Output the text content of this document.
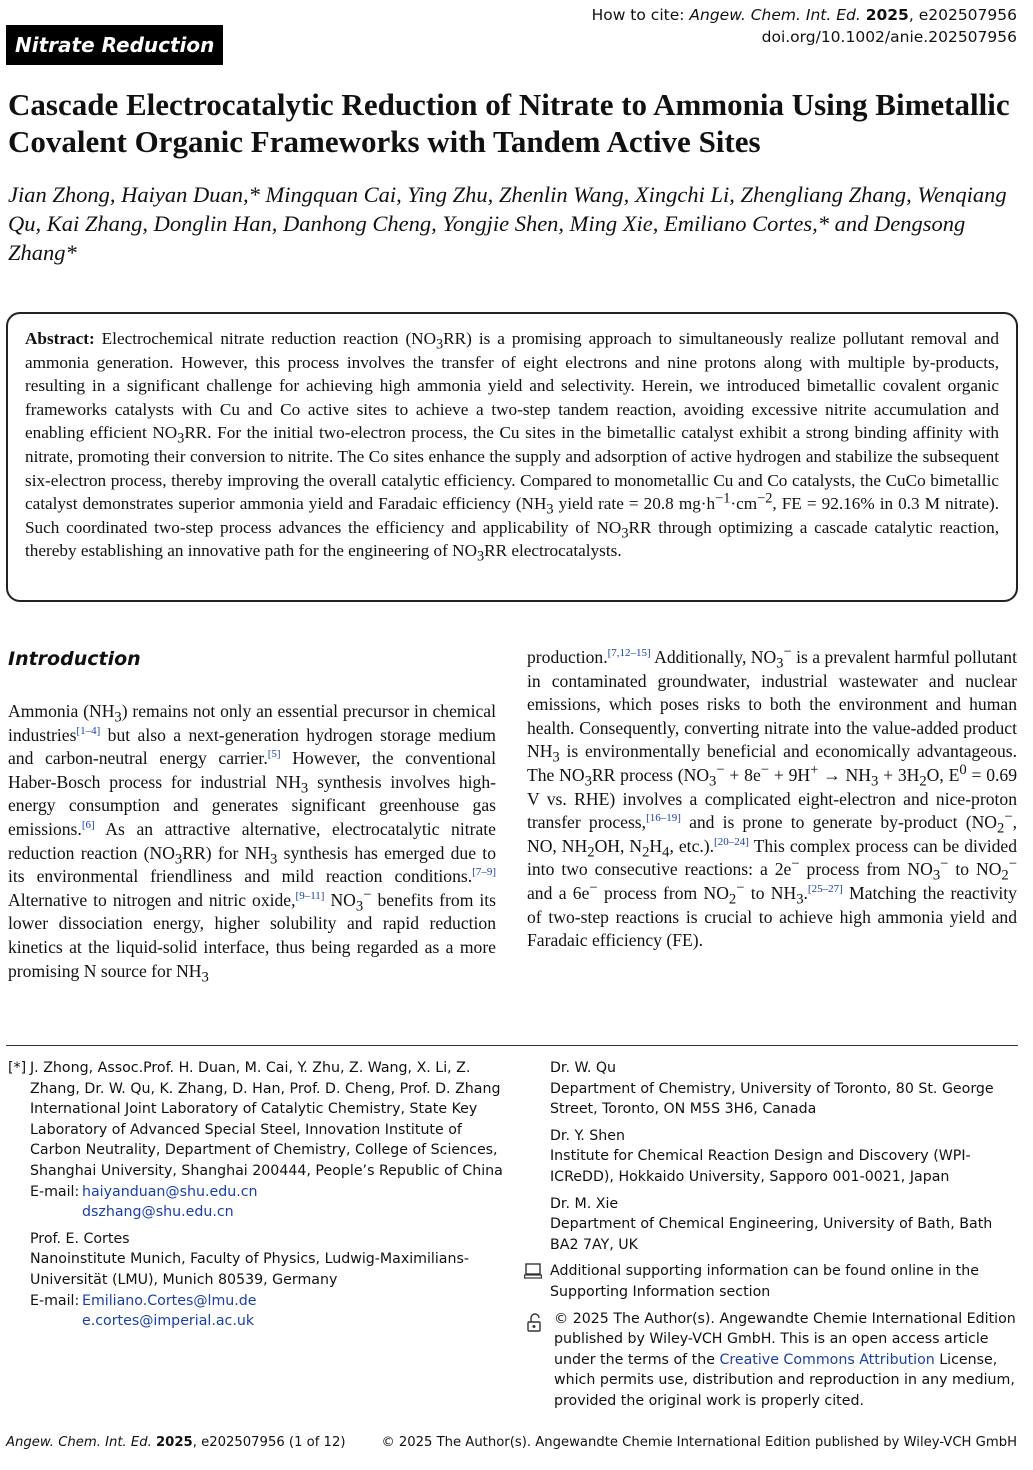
How to cite: Angew. Chem. Int. Ed. 2025, e202507956
doi.org/10.1002/anie.202507956
Nitrate Reduction
Cascade Electrocatalytic Reduction of Nitrate to Ammonia Using Bimetallic Covalent Organic Frameworks with Tandem Active Sites
Jian Zhong, Haiyan Duan,* Mingquan Cai, Ying Zhu, Zhenlin Wang, Xingchi Li, Zhengliang Zhang, Wenqiang Qu, Kai Zhang, Donglin Han, Danhong Cheng, Yongjie Shen, Ming Xie, Emiliano Cortes,* and Dengsong Zhang*
Abstract: Electrochemical nitrate reduction reaction $(NO_3RR)$ is a promising approach to simultaneously realize pollutant removal and ammonia generation. However, this process involves the transfer of eight electrons and nine protons along with multiple by-products, resulting in a significant challenge for achieving high ammonia yield and selectivity. Herein, we introduced bimetallic covalent organic frameworks catalysts with Cu and Co active sites to achieve a two-step tandem reaction, avoiding excessive nitrite accumulation and enabling efficient $NO_3RR$. For the initial two-electron process, the Cu sites in the bimetallic catalyst exhibit a strong binding affinity with nitrate, promoting their conversion to nitrite. The Co sites enhance the supply and adsorption of active hydrogen and stabilize the subsequent six-electron process, thereby improving the overall catalytic efficiency. Compared to monometallic Cu and Co catalysts, the CuCo bimetallic catalyst demonstrates superior ammonia yield and Faradaic efficiency ($NH_3$ yield rate = 20.8 $mg\cdot h^{-1}\cdot cm^{-2}$, FE = 92.16% in 0.3 M nitrate). Such coordinated two-step process advances the efficiency and applicability of $NO_3RR$ through optimizing a cascade catalytic reaction, thereby establishing an innovative path for the engineering of $NO_3RR$ electrocatalysts.
Introduction
Ammonia $(NH_3)$ remains not only an essential precursor in chemical industries[1–4] but also a next-generation hydrogen storage medium and carbon-neutral energy carrier.[5] However, the conventional Haber-Bosch process for industrial $NH_3$ synthesis involves high-energy consumption and generates significant greenhouse gas emissions.[6] As an attractive alternative, electrocatalytic nitrate reduction reaction $(NO_3RR)$ for $NH_3$ synthesis has emerged due to its environmental friendliness and mild reaction conditions.[7–9] Alternative to nitrogen and nitric oxide,[9–11] $NO_3^-$ benefits from its lower dissociation energy, higher solubility and rapid reduction kinetics at the liquid-solid interface, thus being regarded as a more promising N source for $NH_3$
production.[7,12–15] Additionally, $NO_3^-$ is a prevalent harmful pollutant in contaminated groundwater, industrial wastewater and nuclear emissions, which poses risks to both the environment and human health. Consequently, converting nitrate into the value-added product $NH_3$ is environmentally beneficial and economically advantageous. The $NO_3RR$ process ($NO_3^- + 8e^- + 9H^+ \to NH_3 + 3H_2O$, $E^0 = 0.69$ V vs. RHE) involves a complicated eight-electron and nice-proton transfer process,[16–19] and is prone to generate by-product ($NO_2^-$, NO, $NH_2OH$, $N_2H_4$, etc.).[20–24] This complex process can be divided into two consecutive reactions: a 2e− process from $NO_3^-$ to $NO_2^-$ and a 6e− process from $NO_2^-$ to $NH_3.[25-27]$ Matching the reactivity of two-step reactions is crucial to achieve high ammonia yield and Faradaic efficiency (FE).
[*] J. Zhong, Assoc.Prof. H. Duan, M. Cai, Y. Zhu, Z. Wang, X. Li, Z. Zhang, Dr. W. Qu, K. Zhang, D. Han, Prof. D. Cheng, Prof. D. Zhang
International Joint Laboratory of Catalytic Chemistry, State Key Laboratory of Advanced Special Steel, Innovation Institute of Carbon Neutrality, Department of Chemistry, College of Sciences, Shanghai University, Shanghai 200444, People’s Republic of China
E-mail: haiyanduan@shu.edu.cn
dszhang@shu.edu.cn
Prof. E. Cortes
Nanoinstitute Munich, Faculty of Physics, Ludwig-Maximilians-Universität (LMU), Munich 80539, Germany
E-mail: Emiliano.Cortes@lmu.de
e.cortes@imperial.ac.uk
Dr. W. Qu
Department of Chemistry, University of Toronto, 80 St. George Street, Toronto, ON M5S 3H6, Canada
Dr. Y. Shen
Institute for Chemical Reaction Design and Discovery (WPI-ICReDD), Hokkaido University, Sapporo 001-0021, Japan
Dr. M. Xie
Department of Chemical Engineering, University of Bath, Bath BA2 7AY, UK
Additional supporting information can be found online in the Supporting Information section
© 2025 The Author(s). Angewandte Chemie International Edition published by Wiley-VCH GmbH. This is an open access article under the terms of the Creative Commons Attribution License, which permits use, distribution and reproduction in any medium, provided the original work is properly cited.
Angew. Chem. Int. Ed. 2025, e202507956 (1 of 12)	© 2025 The Author(s). Angewandte Chemie International Edition published by Wiley-VCH GmbH
